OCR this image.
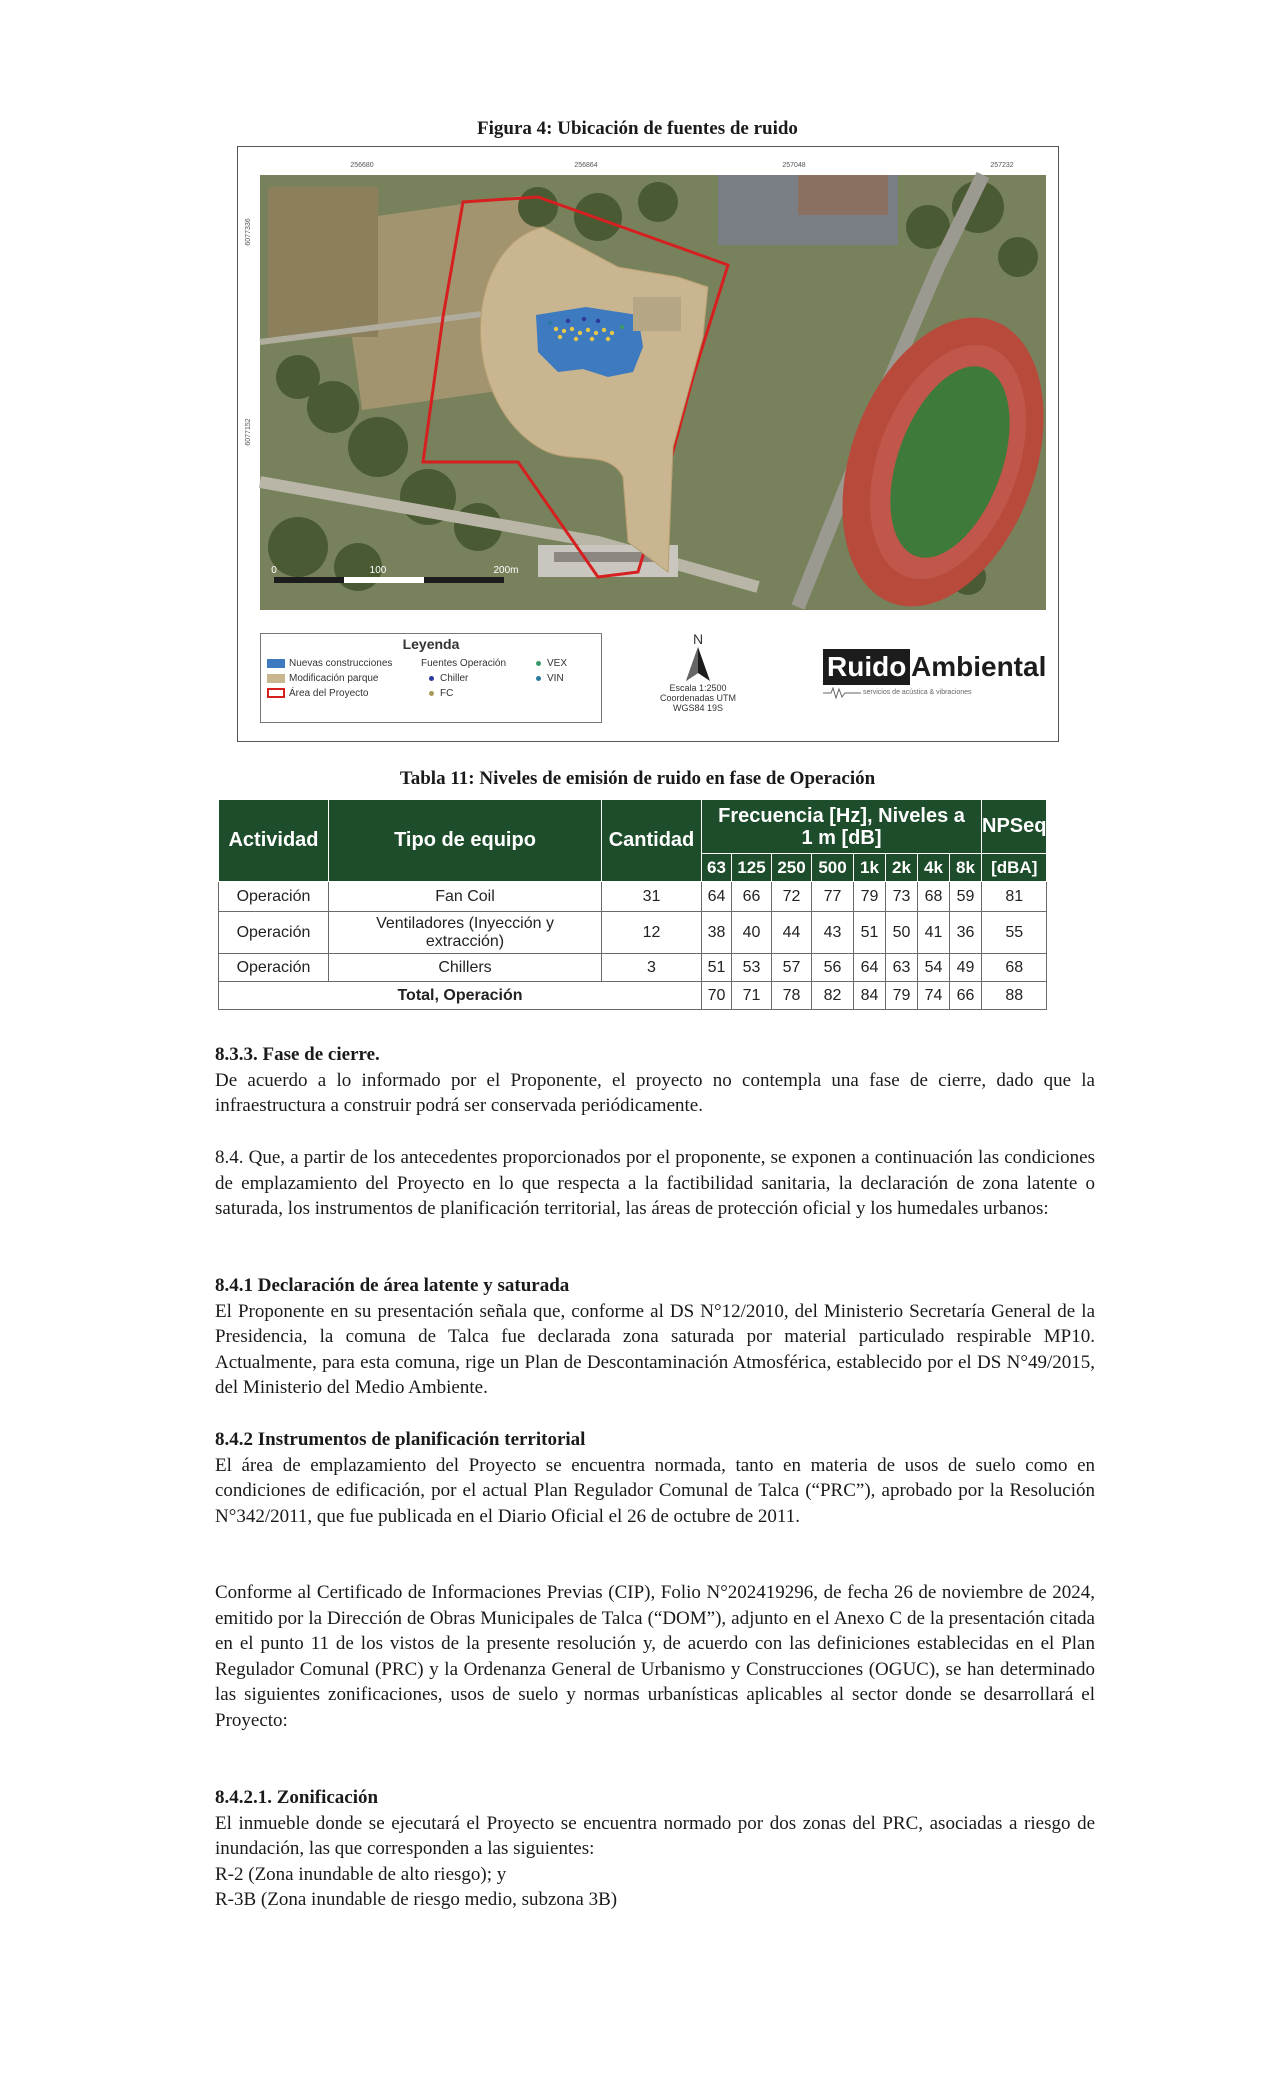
Figura 4: Ubicación de fuentes de ruido
256680	256864	257048	257232
6077336
6077152
0	100	200m
Leyenda
Nuevas construcciones
Modificación parque
Área del Proyecto
Fuentes Operación
Chiller
FC
VEX
VIN
N
Escala 1:2500
Coordenadas UTM
WGS84 19S
Ruido Ambiental
servicios de acústica & vibraciones
Tabla 11: Niveles de emisión de ruido en fase de Operación
Actividad	Tipo de equipo	Cantidad	Frecuencia [Hz], Niveles a 1 m [dB]								NPSeq
			63	125	250	500	1k	2k	4k	8k	[dBA]
Operación	Fan Coil	31	64	66	72	77	79	73	68	59	81
Operación	Ventiladores (Inyección y extracción)	12	38	40	44	43	51	50	41	36	55
Operación	Chillers	3	51	53	57	56	64	63	54	49	68
Total, Operación			70	71	78	82	84	79	74	66	88

8.3.3. Fase de cierre.

De acuerdo a lo informado por el Proponente, el proyecto no contempla una fase de cierre, dado que la infraestructura a construir podrá ser conservada periódicamente.

8.4. Que, a partir de los antecedentes proporcionados por el proponente, se exponen a continuación las condiciones de emplazamiento del Proyecto en lo que respecta a la factibilidad sanitaria, la declaración de zona latente o saturada, los instrumentos de planificación territorial, las áreas de protección oficial y los humedales urbanos:

8.4.1 Declaración de área latente y saturada

El Proponente en su presentación señala que, conforme al DS N°12/2010, del Ministerio Secretaría General de la Presidencia, la comuna de Talca fue declarada zona saturada por material particulado respirable MP10. Actualmente, para esta comuna, rige un Plan de Descontaminación Atmosférica, establecido por el DS N°49/2015, del Ministerio del Medio Ambiente.

8.4.2 Instrumentos de planificación territorial

El área de emplazamiento del Proyecto se encuentra normada, tanto en materia de usos de suelo como en condiciones de edificación, por el actual Plan Regulador Comunal de Talca (“PRC”), aprobado por la Resolución N°342/2011, que fue publicada en el Diario Oficial el 26 de octubre de 2011.

Conforme al Certificado de Informaciones Previas (CIP), Folio N°202419296, de fecha 26 de noviembre de 2024, emitido por la Dirección de Obras Municipales de Talca (“DOM”), adjunto en el Anexo C de la presentación citada en el punto 11 de los vistos de la presente resolución y, de acuerdo con las definiciones establecidas en el Plan Regulador Comunal (PRC) y la Ordenanza General de Urbanismo y Construcciones (OGUC), se han determinado las siguientes zonificaciones, usos de suelo y normas urbanísticas aplicables al sector donde se desarrollará el Proyecto:

8.4.2.1. Zonificación

El inmueble donde se ejecutará el Proyecto se encuentra normado por dos zonas del PRC, asociadas a riesgo de inundación, las que corresponden a las siguientes:

R-2 (Zona inundable de alto riesgo); y

R-3B (Zona inundable de riesgo medio, subzona 3B)
